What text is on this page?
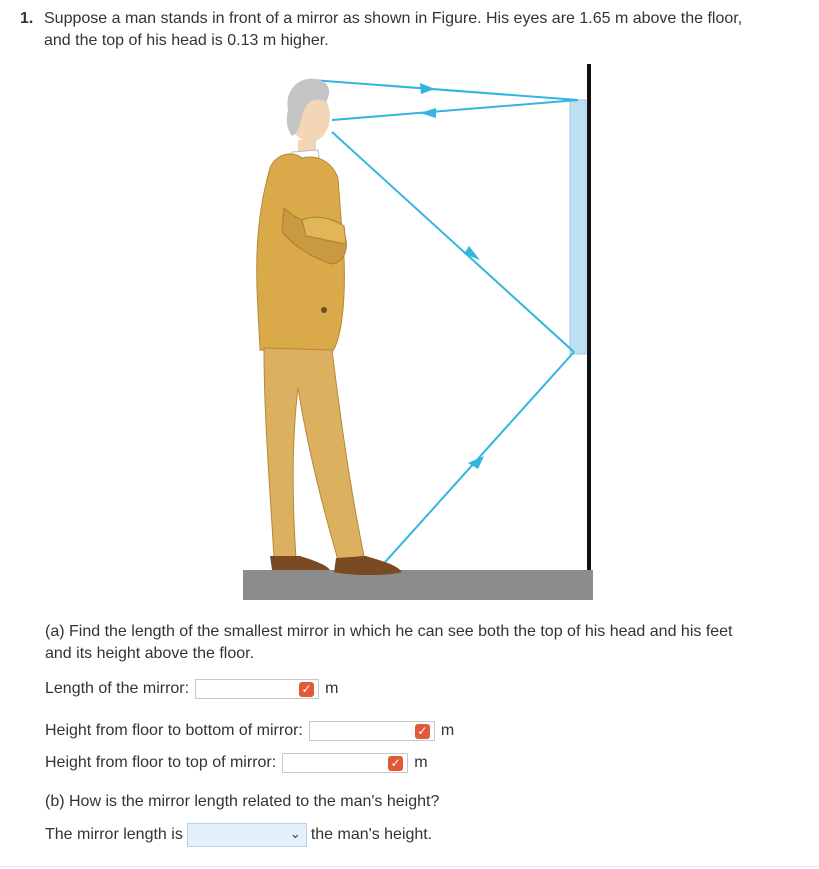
1. Suppose a man stands in front of a mirror as shown in Figure. His eyes are 1.65 m above the floor,
and the top of his head is 0.13 m higher.
(a) Find the length of the smallest mirror in which he can see both the top of his head and his feet
and its height above the floor.
Length of the mirror:	✓ m
Height from floor to bottom of mirror:	✓ m
Height from floor to top of mirror:	✓ m
(b) How is the mirror length related to the man's height?
The mirror length is	⌄ the man's height.
